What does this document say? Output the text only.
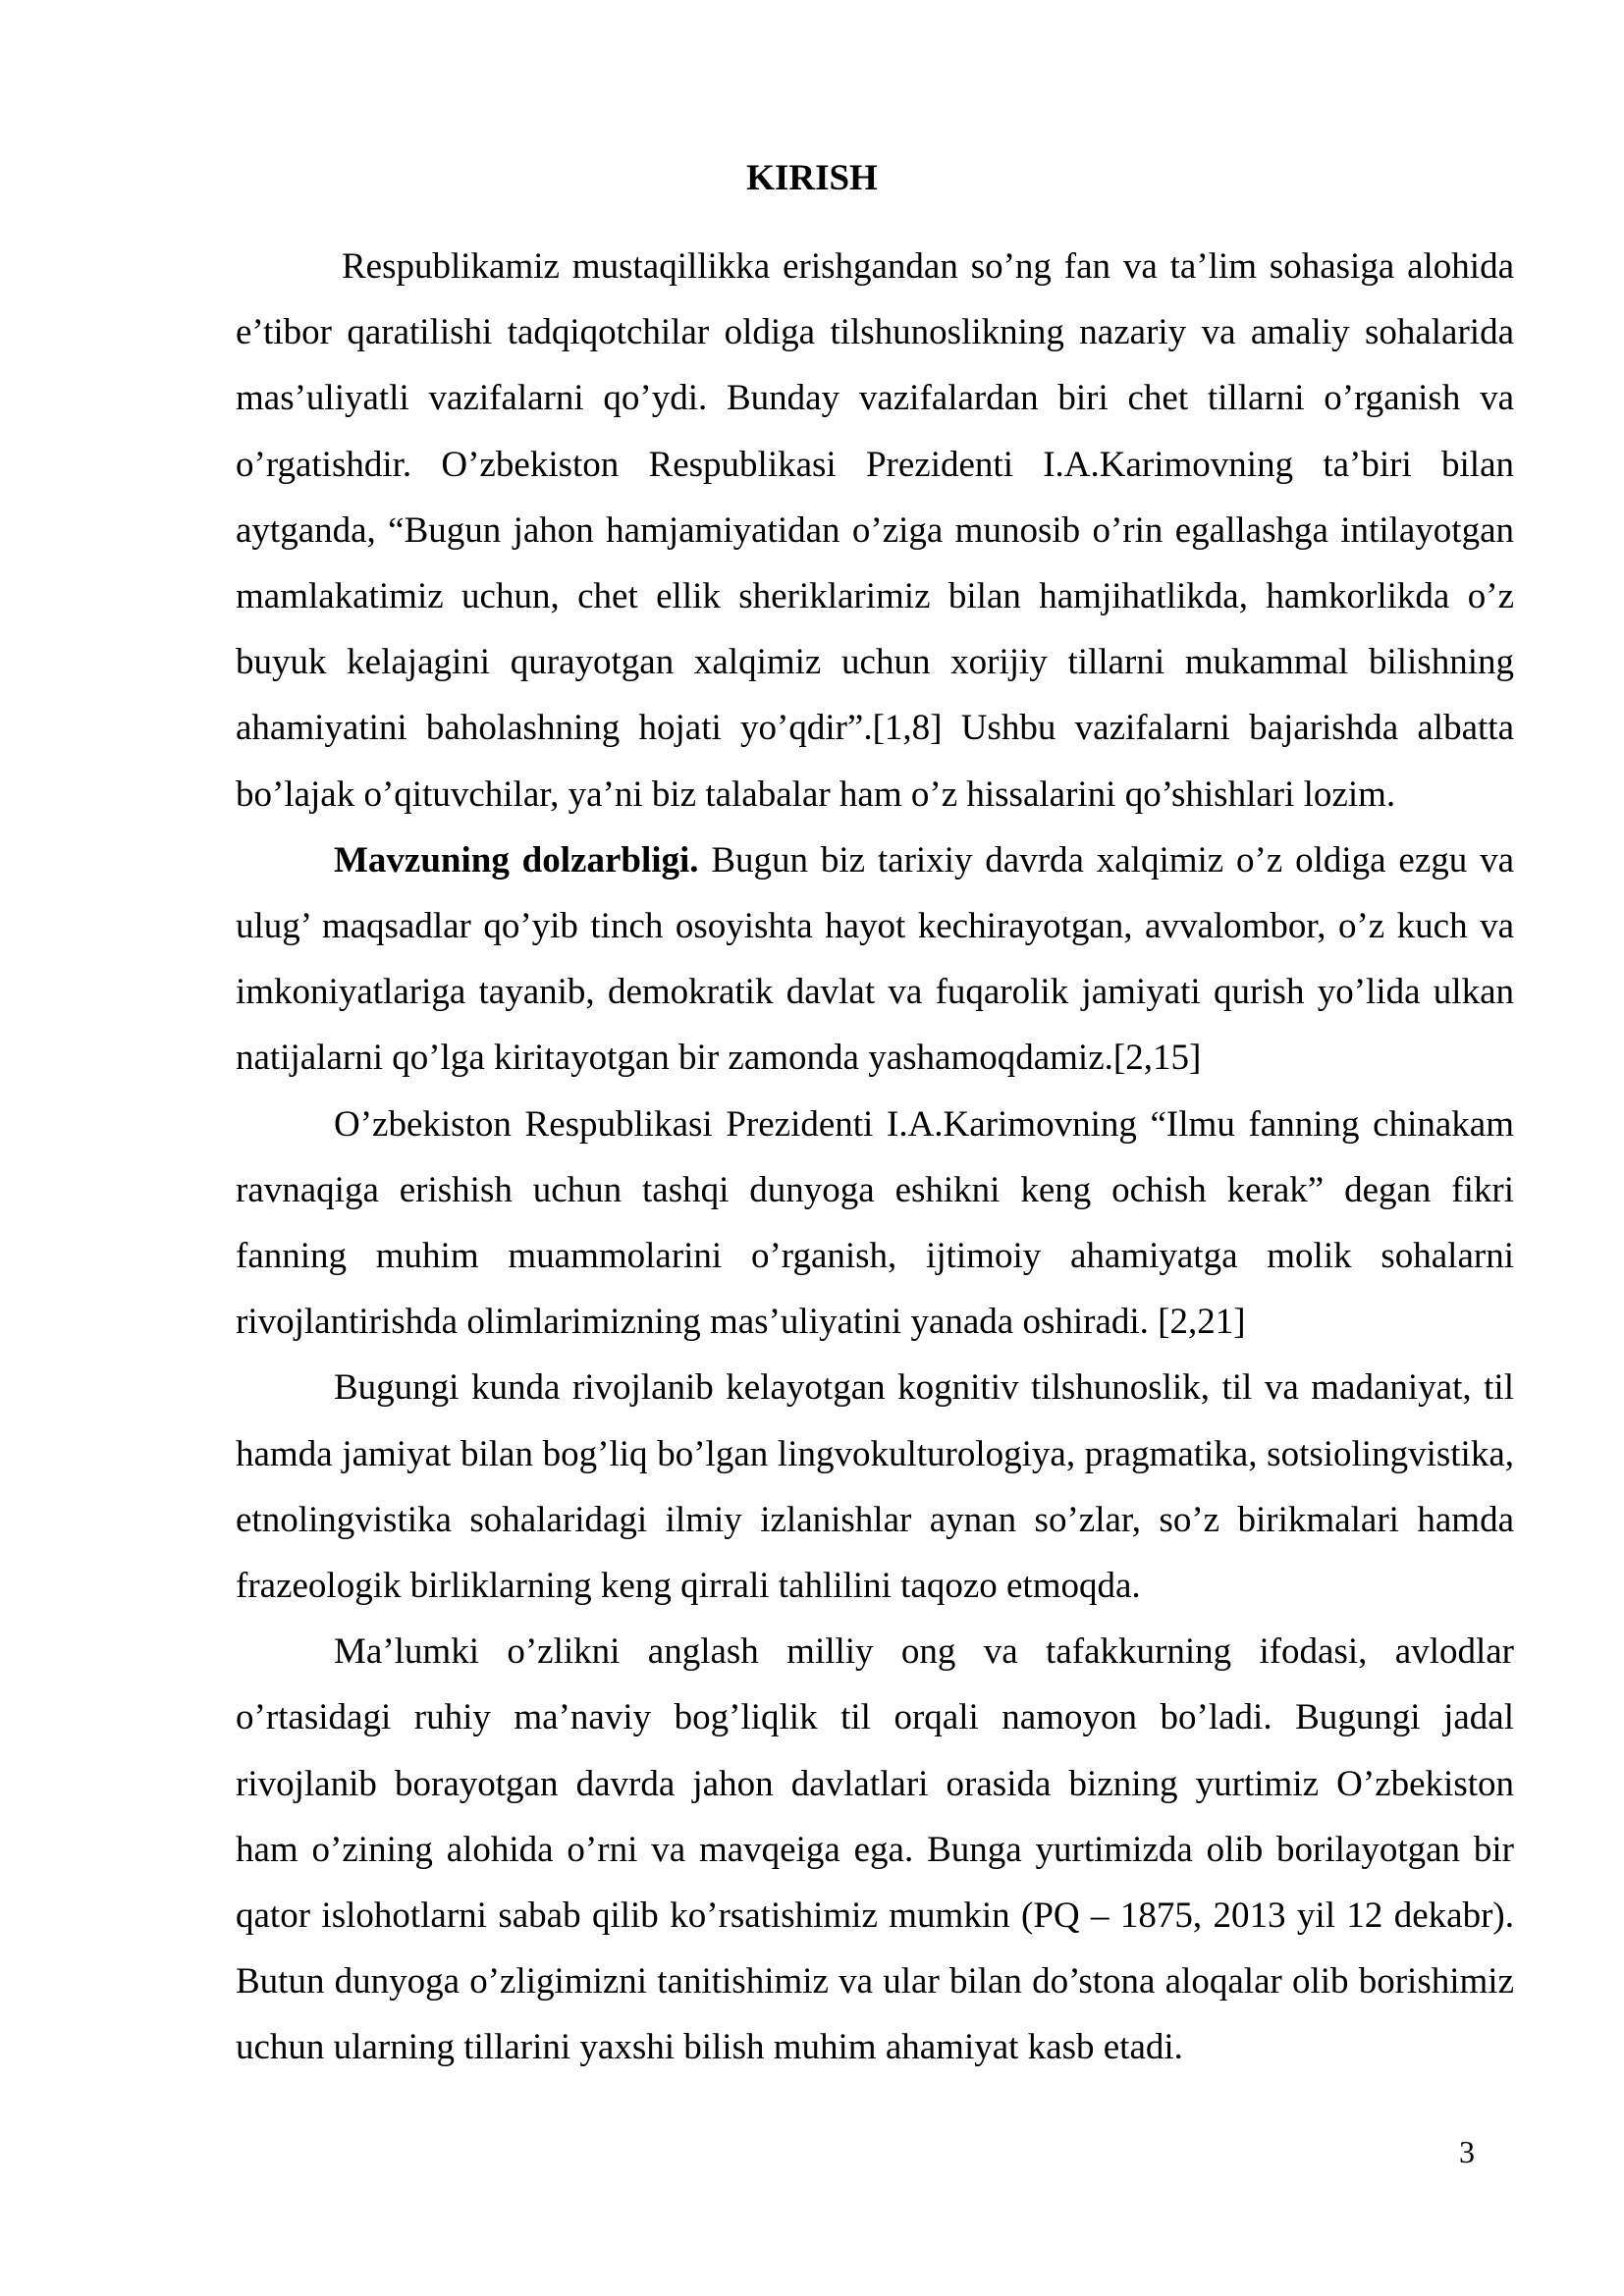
KIRISH

Respublikamiz mustaqillikka erishgandan so’ng fan va ta’lim sohasiga alohida e’tibor qaratilishi tadqiqotchilar oldiga tilshunoslikning nazariy va amaliy sohalarida mas’uliyatli vazifalarni qo’ydi. Bunday vazifalardan biri chet tillarni o’rganish va o’rgatishdir. O’zbekiston Respublikasi Prezidenti I.A.Karimovning ta’biri bilan aytganda, “Bugun jahon hamjamiyatidan o’ziga munosib o’rin egallashga intilayotgan mamlakatimiz uchun, chet ellik sheriklarimiz bilan hamjihatlikda, hamkorlikda o’z buyuk kelajagini qurayotgan xalqimiz uchun xorijiy tillarni mukammal bilishning ahamiyatini baholashning hojati yo’qdir”.[1,8] Ushbu vazifalarni bajarishda albatta bo’lajak o’qituvchilar, ya’ni biz talabalar ham o’z hissalarini qo’shishlari lozim.

Mavzuning dolzarbligi. Bugun biz tarixiy davrda xalqimiz o’z oldiga ezgu va ulug’ maqsadlar qo’yib tinch osoyishta hayot kechirayotgan, avvalombor, o’z kuch va imkoniyatlariga tayanib, demokratik davlat va fuqarolik jamiyati qurish yo’lida ulkan natijalarni qo’lga kiritayotgan bir zamonda yashamoqdamiz.[2,15]

O’zbekiston Respublikasi Prezidenti I.A.Karimovning “Ilmu fanning chinakam ravnaqiga erishish uchun tashqi dunyoga eshikni keng ochish kerak” degan fikri fanning muhim muammolarini o’rganish, ijtimoiy ahamiyatga molik sohalarni rivojlantirishda olimlarimizning mas’uliyatini yanada oshiradi. [2,21]

Bugungi kunda rivojlanib kelayotgan kognitiv tilshunoslik, til va madaniyat, til hamda jamiyat bilan bog’liq bo’lgan lingvokulturologiya, pragmatika, sotsiolingvistika, etnolingvistika sohalaridagi ilmiy izlanishlar aynan so’zlar, so’z birikmalari hamda frazeologik birliklarning keng qirrali tahlilini taqozo etmoqda.

Ma’lumki o’zlikni anglash milliy ong va tafakkurning ifodasi, avlodlar o’rtasidagi ruhiy ma’naviy bog’liqlik til orqali namoyon bo’ladi. Bugungi jadal rivojlanib borayotgan davrda jahon davlatlari orasida bizning yurtimiz O’zbekiston ham o’zining alohida o’rni va mavqeiga ega. Bunga yurtimizda olib borilayotgan bir qator islohotlarni sabab qilib ko’rsatishimiz mumkin (PQ – 1875, 2013 yil 12 dekabr). Butun dunyoga o’zligimizni tanitishimiz va ular bilan do’stona aloqalar olib borishimiz uchun ularning tillarini yaxshi bilish muhim ahamiyat kasb etadi.

3
